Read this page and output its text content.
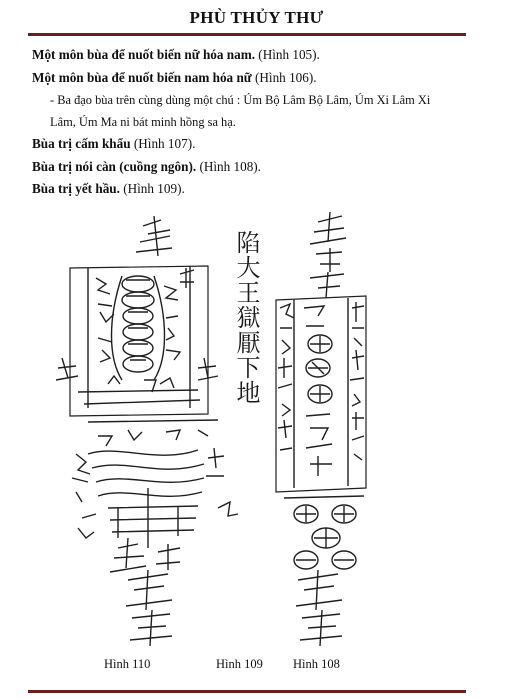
PHÙ THỦY THƯ

Một môn bùa để nuốt biến nữ hóa nam. (Hình 105).

Một môn bùa để nuốt biến nam hóa nữ (Hình 106).

- Ba đạo bùa trên cùng dùng một chú : Úm Bộ Lâm Bộ Lâm, Úm Xi Lâm Xi

Lâm, Úm Ma ni bát minh hồng sa hạ.

Bùa trị cấm khẩu (Hình 107).

Bùa trị nói càn (cuồng ngôn). (Hình 108).

Bùa trị yết hầu. (Hình 109).

陷大王獄厭下地
Hình 110	Hình 109 Hình 108
